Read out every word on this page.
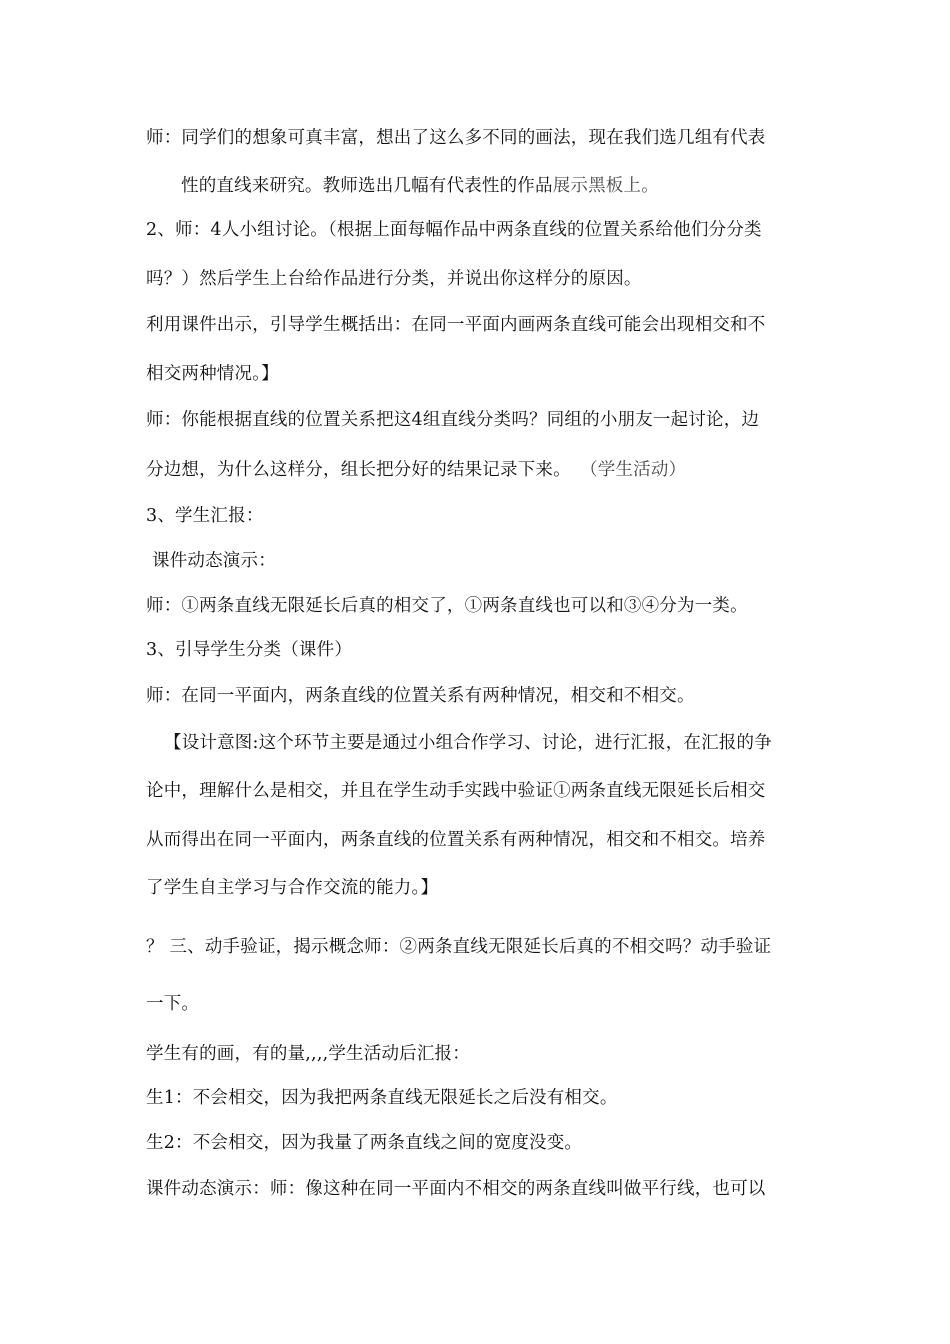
师：同学们的想象可真丰富，想出了这么多不同的画法，现在我们选几组有代表
性的直线来研究。教师选出几幅有代表性的作品展示黑板上。
2、师：4人小组讨论。（根据上面每幅作品中两条直线的位置关系给他们分分类
吗？）然后学生上台给作品进行分类，并说出你这样分的原因。
利用课件出示，引导学生概括出：在同一平面内画两条直线可能会出现相交和不
相交两种情况。】
师：你能根据直线的位置关系把这4组直线分类吗？同组的小朋友一起讨论，边
分边想，为什么这样分，组长把分好的结果记录下来。 （学生活动）
3、学生汇报：
课件动态演示：
师：①两条直线无限延长后真的相交了，①两条直线也可以和③④分为一类。
3、引导学生分类（课件）
师：在同一平面内，两条直线的位置关系有两种情况，相交和不相交。
【设计意图:这个环节主要是通过小组合作学习、讨论，进行汇报，在汇报的争
论中，理解什么是相交，并且在学生动手实践中验证①两条直线无限延长后相交
从而得出在同一平面内，两条直线的位置关系有两种情况，相交和不相交。培养
了学生自主学习与合作交流的能力。】
？ 三、动手验证，揭示概念师：②两条直线无限延长后真的不相交吗？动手验证
一下。
学生有的画，有的量,,,,学生活动后汇报：
生1：不会相交，因为我把两条直线无限延长之后没有相交。
生2：不会相交，因为我量了两条直线之间的宽度没变。
课件动态演示：师：像这种在同一平面内不相交的两条直线叫做平行线，也可以
